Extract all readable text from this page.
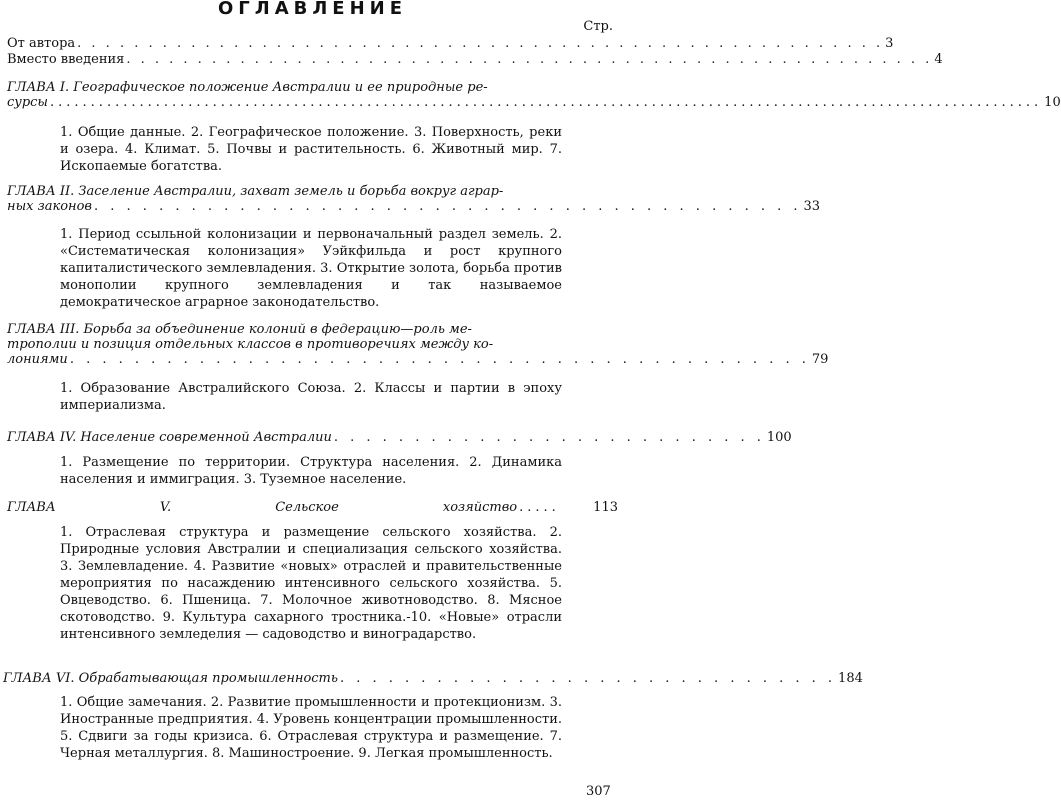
ОГЛАВЛЕНИЕ
Стр.
От автора . . . . . . . . . . . . . . . . . . . . . . . . . . . . . . . . . . . . . . . . . . . . . . . . . . . . . . . . . 3
Вместо введения . . . . . . . . . . . . . . . . . . . . . . . . . . . . . . . . . . . . . . . . . . . . . . . . . . . . . . . . . 4
ГЛАВА I. Географическое положение Австралии и ее природные ре-
сурсы .......................................................................................................................... 10
1. Общие данные. 2. Географическое положение. 3. Поверхность, реки и озера. 4. Климат. 5. Почвы и растительность. 6. Животный мир. 7. Ископаемые богатства.
ГЛАВА II. Заселение Австралии, захват земель и борьба вокруг аграр-
ных законов . . . . . . . . . . . . . . . . . . . . . . . . . . . . . . . . . . . . . . . . . . . . 33
1. Период ссыльной колонизации и первоначальный раздел земель. 2. «Систематическая колонизация» Уэйкфильда и рост крупного капиталистического землевладения. 3. Открытие золота, борьба против монополии крупного землевладения и так называемое демократическое аграрное законодательство.
ГЛАВА III. Борьба за объединение колоний в федерацию—роль ме-
трополии и позиция отдельных классов в противоречиях между ко-
лониями . . . . . . . . . . . . . . . . . . . . . . . . . . . . . . . . . . . . . . . . . . . . . . 79
1. Образование Австралийского Союза. 2. Классы и партии в эпоху империализма.
ГЛАВА IV. Население современной Австралии . . . . . . . . . . . . . . . . . . . . . . . . . . . 100
1. Размещение по территории. Структура населения. 2. Динамика населения и иммиграция. 3. Туземное население.
ГЛАВА V. Сельское хозяйство .....	113
1. Отраслевая структура и размещение сельского хозяйства. 2. Природные условия Австралии и специализация сельского хозяйства. 3. Землевладение. 4. Развитие «новых» отраслей и правительственные мероприятия по насаждению интенсивного сельского хозяйства. 5. Овцеводство. 6. Пшеница. 7. Молочное животноводство. 8. Мясное скотоводство. 9. Культура сахарного тростника.-10. «Новые» отрасли интенсивного земледелия — садоводство и виноградарство.
ГЛАВА VI. Обрабатывающая промышленность . . . . . . . . . . . . . . . . . . . . . . . . . . . . . . . 184
1. Общие замечания. 2. Развитие промышленности и протекционизм. 3. Иностранные предприятия. 4. Уровень концентрации промышленности. 5. Сдвиги за годы кризиса. 6. Отраслевая структура и размещение. 7. Черная металлургия. 8. Машиностроение. 9. Легкая промышленность.
307
